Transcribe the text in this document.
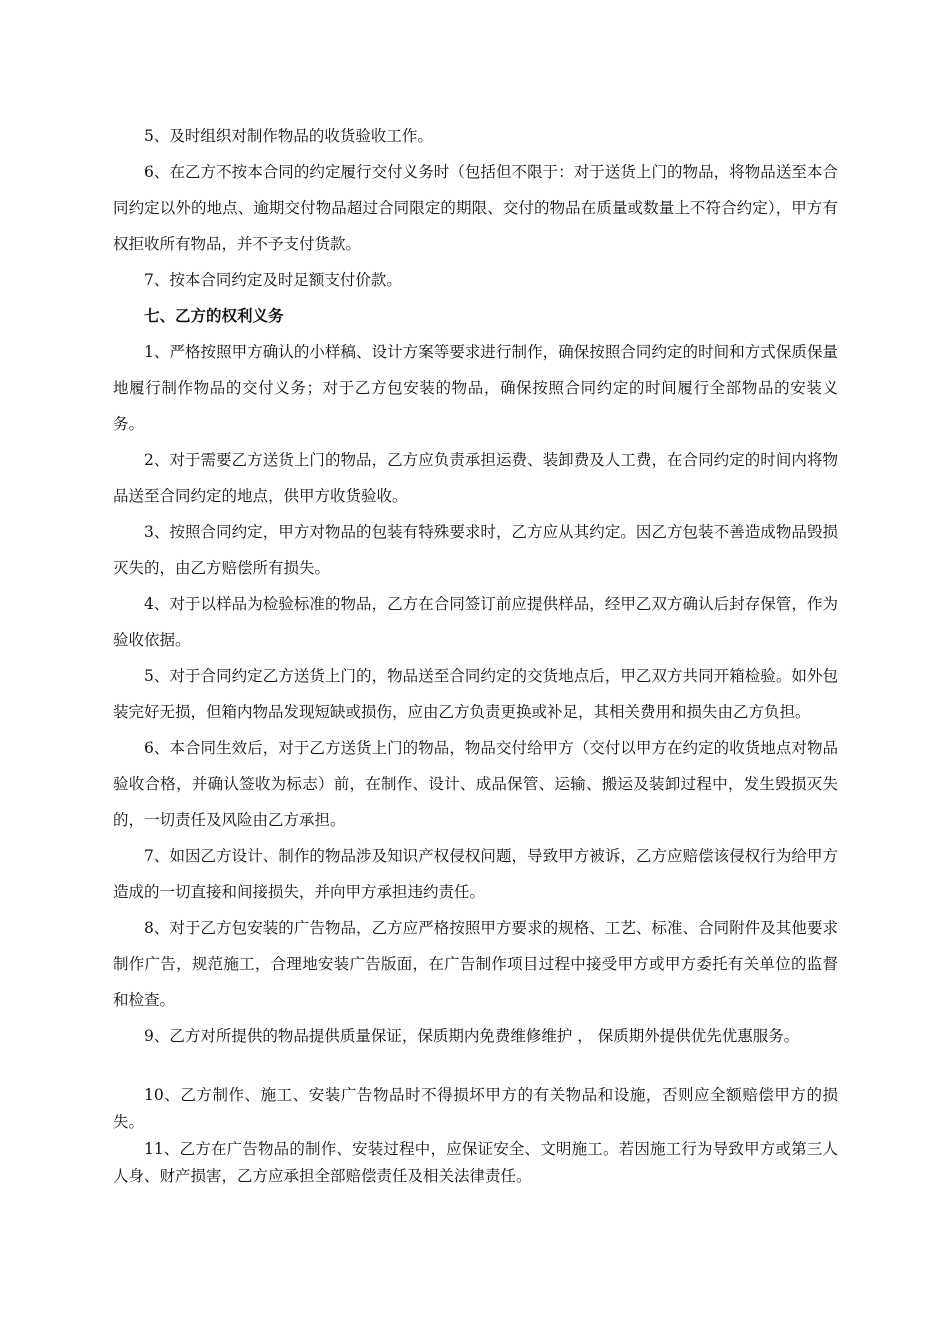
5、及时组织对制作物品的收货验收工作。

6、在乙方不按本合同的约定履行交付义务时（包括但不限于：对于送货上门的物品，将物品送至本合同约定以外的地点、逾期交付物品超过合同限定的期限、交付的物品在质量或数量上不符合约定），甲方有权拒收所有物品，并不予支付货款。

7、按本合同约定及时足额支付价款。

七、乙方的权利义务

1、严格按照甲方确认的小样稿、设计方案等要求进行制作，确保按照合同约定的时间和方式保质保量地履行制作物品的交付义务；对于乙方包安装的物品，确保按照合同约定的时间履行全部物品的安装义务。

2、对于需要乙方送货上门的物品，乙方应负责承担运费、装卸费及人工费，在合同约定的时间内将物品送至合同约定的地点，供甲方收货验收。

3、按照合同约定，甲方对物品的包装有特殊要求时，乙方应从其约定。因乙方包装不善造成物品毁损灭失的，由乙方赔偿所有损失。

4、对于以样品为检验标准的物品，乙方在合同签订前应提供样品，经甲乙双方确认后封存保管，作为验收依据。

5、对于合同约定乙方送货上门的，物品送至合同约定的交货地点后，甲乙双方共同开箱检验。如外包装完好无损，但箱内物品发现短缺或损伤，应由乙方负责更换或补足，其相关费用和损失由乙方负担。

6、本合同生效后，对于乙方送货上门的物品，物品交付给甲方（交付以甲方在约定的收货地点对物品验收合格，并确认签收为标志）前，在制作、设计、成品保管、运输、搬运及装卸过程中，发生毁损灭失的，一切责任及风险由乙方承担。

7、如因乙方设计、制作的物品涉及知识产权侵权问题，导致甲方被诉，乙方应赔偿该侵权行为给甲方造成的一切直接和间接损失，并向甲方承担违约责任。

8、对于乙方包安装的广告物品，乙方应严格按照甲方要求的规格、工艺、标准、合同附件及其他要求制作广告，规范施工，合理地安装广告版面，在广告制作项目过程中接受甲方或甲方委托有关单位的监督和检查。

9、乙方对所提供的物品提供质量保证，保质期内免费维修维护 ， 保质期外提供优先优惠服务。

10、乙方制作、施工、安装广告物品时不得损坏甲方的有关物品和设施，否则应全额赔偿甲方的损失。

11、乙方在广告物品的制作、安装过程中，应保证安全、文明施工。若因施工行为导致甲方或第三人人身、财产损害，乙方应承担全部赔偿责任及相关法律责任。
